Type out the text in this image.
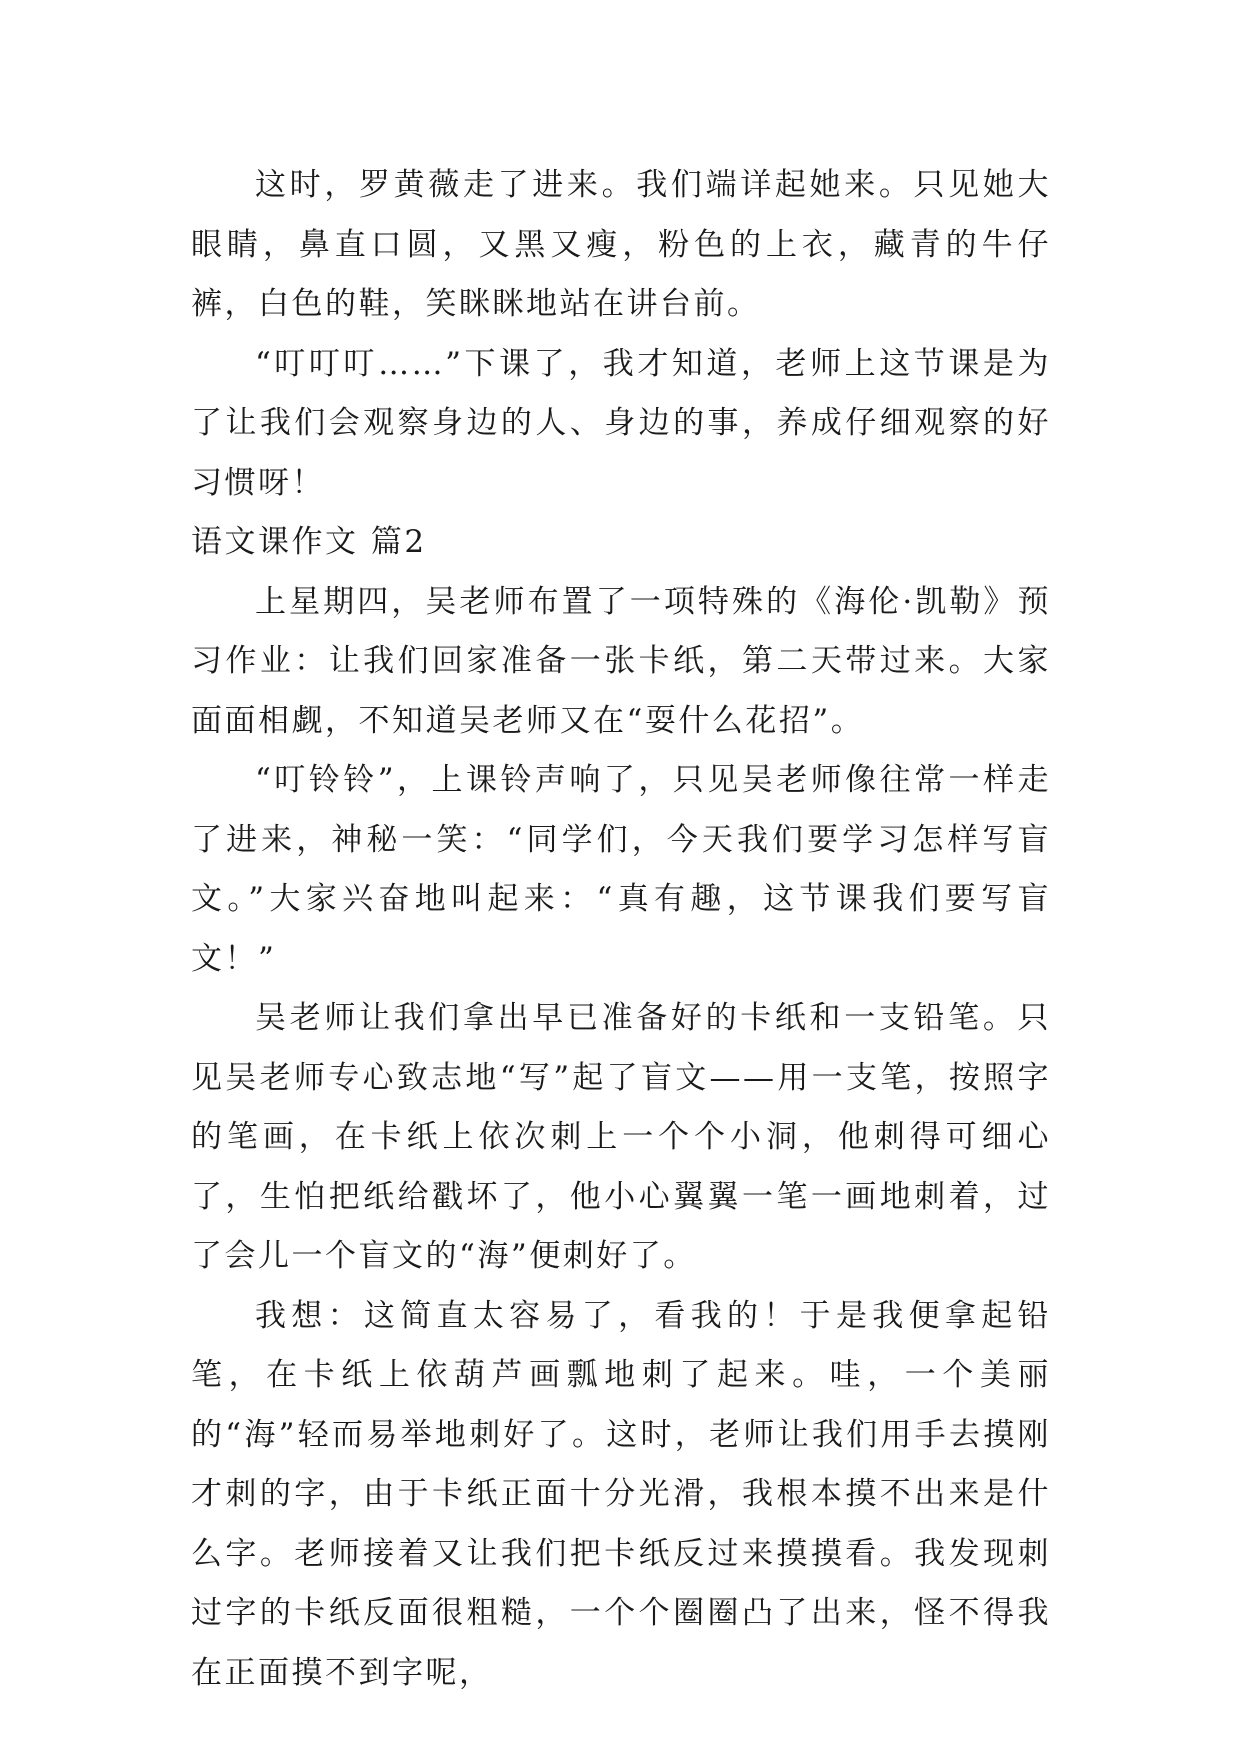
这时，罗黄薇走了进来。我们端详起她来。只见她大眼睛，鼻直口圆，又黑又瘦，粉色的上衣，藏青的牛仔裤，白色的鞋，笑眯眯地站在讲台前。

“叮叮叮……”下课了，我才知道，老师上这节课是为了让我们会观察身边的人、身边的事，养成仔细观察的好习惯呀！

语文课作文 篇2

上星期四，吴老师布置了一项特殊的《海伦·凯勒》预习作业：让我们回家准备一张卡纸，第二天带过来。大家面面相觑，不知道吴老师又在“耍什么花招”。

“叮铃铃”，上课铃声响了，只见吴老师像往常一样走了进来，神秘一笑：“同学们，今天我们要学习怎样写盲文。”大家兴奋地叫起来：“真有趣，这节课我们要写盲文！”

吴老师让我们拿出早已准备好的卡纸和一支铅笔。只见吴老师专心致志地“写”起了盲文——用一支笔，按照字的笔画，在卡纸上依次刺上一个个小洞，他刺得可细心了，生怕把纸给戳坏了，他小心翼翼一笔一画地刺着，过了会儿一个盲文的“海”便刺好了。

我想：这简直太容易了，看我的！于是我便拿起铅笔，在卡纸上依葫芦画瓢地刺了起来。哇，一个美丽的“海”轻而易举地刺好了。这时，老师让我们用手去摸刚才刺的字，由于卡纸正面十分光滑，我根本摸不出来是什么字。老师接着又让我们把卡纸反过来摸摸看。我发现刺过字的卡纸反面很粗糙，一个个圈圈凸了出来，怪不得我在正面摸不到字呢，
